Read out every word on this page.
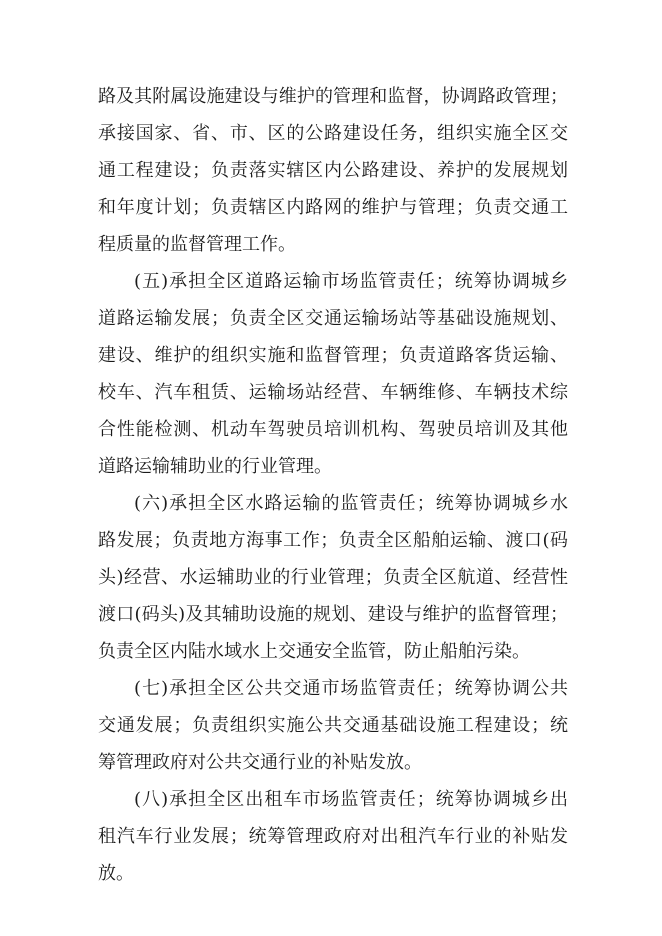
路及其附属设施建设与维护的管理和监督，协调路政管理；
承接国家、省、市、区的公路建设任务，组织实施全区交
通工程建设；负责落实辖区内公路建设、养护的发展规划
和年度计划；负责辖区内路网的维护与管理；负责交通工
程质量的监督管理工作。
(五)承担全区道路运输市场监管责任；统筹协调城乡
道路运输发展；负责全区交通运输场站等基础设施规划、
建设、维护的组织实施和监督管理；负责道路客货运输、
校车、汽车租赁、运输场站经营、车辆维修、车辆技术综
合性能检测、机动车驾驶员培训机构、驾驶员培训及其他
道路运输辅助业的行业管理。
(六)承担全区水路运输的监管责任；统筹协调城乡水
路发展；负责地方海事工作；负责全区船舶运输、渡口(码
头)经营、水运辅助业的行业管理；负责全区航道、经营性
渡口(码头)及其辅助设施的规划、建设与维护的监督管理；
负责全区内陆水域水上交通安全监管，防止船舶污染。
(七)承担全区公共交通市场监管责任；统筹协调公共
交通发展；负责组织实施公共交通基础设施工程建设；统
筹管理政府对公共交通行业的补贴发放。
(八)承担全区出租车市场监管责任；统筹协调城乡出
租汽车行业发展；统筹管理政府对出租汽车行业的补贴发
放。
